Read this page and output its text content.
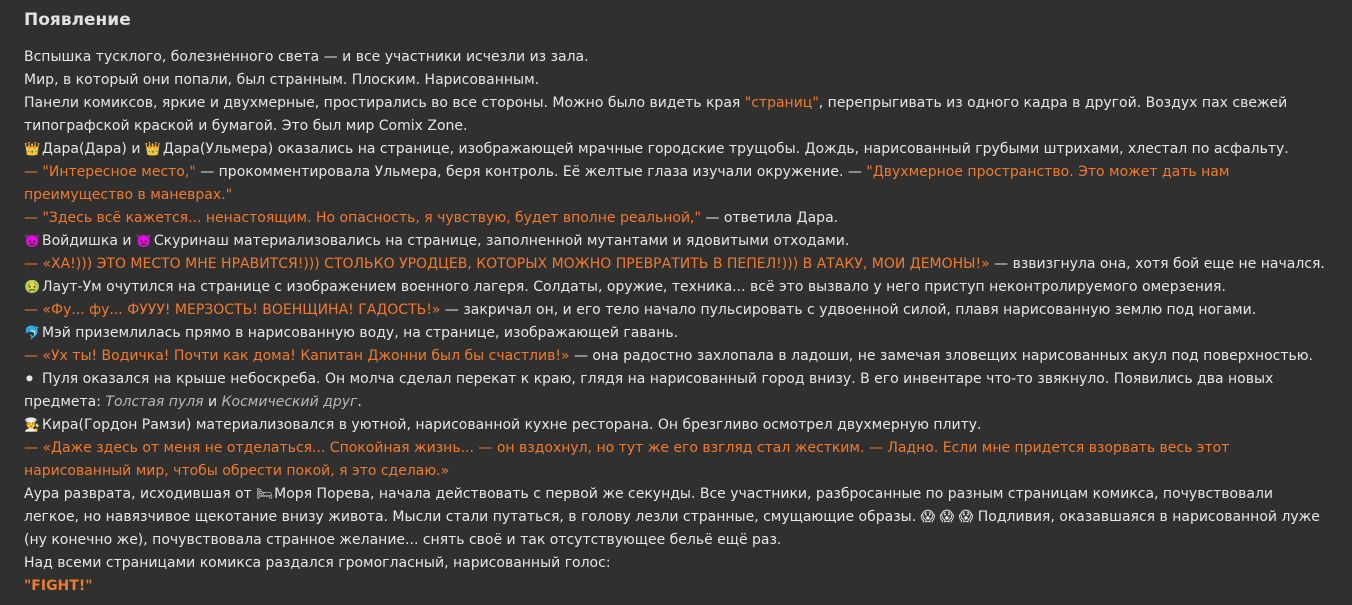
Появление

Вспышка тусклого, болезненного света — и все участники исчезли из зала.

Мир, в который они попали, был странным. Плоским. Нарисованным.

Панели комиксов, яркие и двухмерные, простирались во все стороны. Можно было видеть края "страниц", перепрыгивать из одного кадра в другой. Воздух пах свежей типографской краской и бумагой. Это был мир Comix Zone.

👑 Дара(Дара) и 👑 Дара(Ульмера) оказались на странице, изображающей мрачные городские трущобы. Дождь, нарисованный грубыми штрихами, хлестал по асфальту.

— "Интересное место," — прокомментировала Ульмера, беря контроль. Её желтые глаза изучали окружение. — "Двухмерное пространство. Это может дать нам преимущество в маневрах."

— "Здесь всё кажется... ненастоящим. Но опасность, я чувствую, будет вполне реальной," — ответила Дара.

👿 Войдишка и 👿 Скуринаш материализовались на странице, заполненной мутантами и ядовитыми отходами.

— «ХА!))) ЭТО МЕСТО МНЕ НРАВИТСЯ!))) СТОЛЬКО УРОДЦЕВ, КОТОРЫХ МОЖНО ПРЕВРАТИТЬ В ПЕПЕЛ!))) В АТАКУ, МОИ ДЕМОНЫ!» — взвизгнула она, хотя бой еще не начался.

🤢 Лаут-Ум очутился на странице с изображением военного лагеря. Солдаты, оружие, техника... всё это вызвало у него приступ неконтролируемого омерзения.

— «Фу... фу... ФУУУ! МЕРЗОСТЬ! ВОЕНЩИНА! ГАДОСТЬ!» — закричал он, и его тело начало пульсировать с удвоенной силой, плавя нарисованную землю под ногами.

🐬 Мэй приземлилась прямо в нарисованную воду, на странице, изображающей гавань.

— «Ух ты! Водичка! Почти как дома! Капитан Джонни был бы счастлив!» — она радостно захлопала в ладоши, не замечая зловещих нарисованных акул под поверхностью.

⚫ Пуля оказался на крыше небоскреба. Он молча сделал перекат к краю, глядя на нарисованный город внизу. В его инвентаре что-то звякнуло. Появились два новых предмета: Толстая пуля и Космический друг.

🧑‍🍳 Кира(Гордон Рамзи) материализовался в уютной, нарисованной кухне ресторана. Он брезгливо осмотрел двухмерную плиту.

— «Даже здесь от меня не отделаться... Спокойная жизнь... — он вздохнул, но тут же его взгляд стал жестким. — Ладно. Если мне придется взорвать весь этот нарисованный мир, чтобы обрести покой, я это сделаю.»

Аура разврата, исходившая от 🛏Моря Порева, начала действовать с первой же секунды. Все участники, разбросанные по разным страницам комикса, почувствовали легкое, но навязчивое щекотание внизу живота. Мысли стали путаться, в голову лезли странные, смущающие образы. 😱 😱 😱 Подливия, оказавшаяся в нарисованной луже (ну конечно же), почувствовала странное желание... снять своё и так отсутствующее бельё ещё раз.

Над всеми страницами комикса раздался громогласный, нарисованный голос:

"FIGHT!"
